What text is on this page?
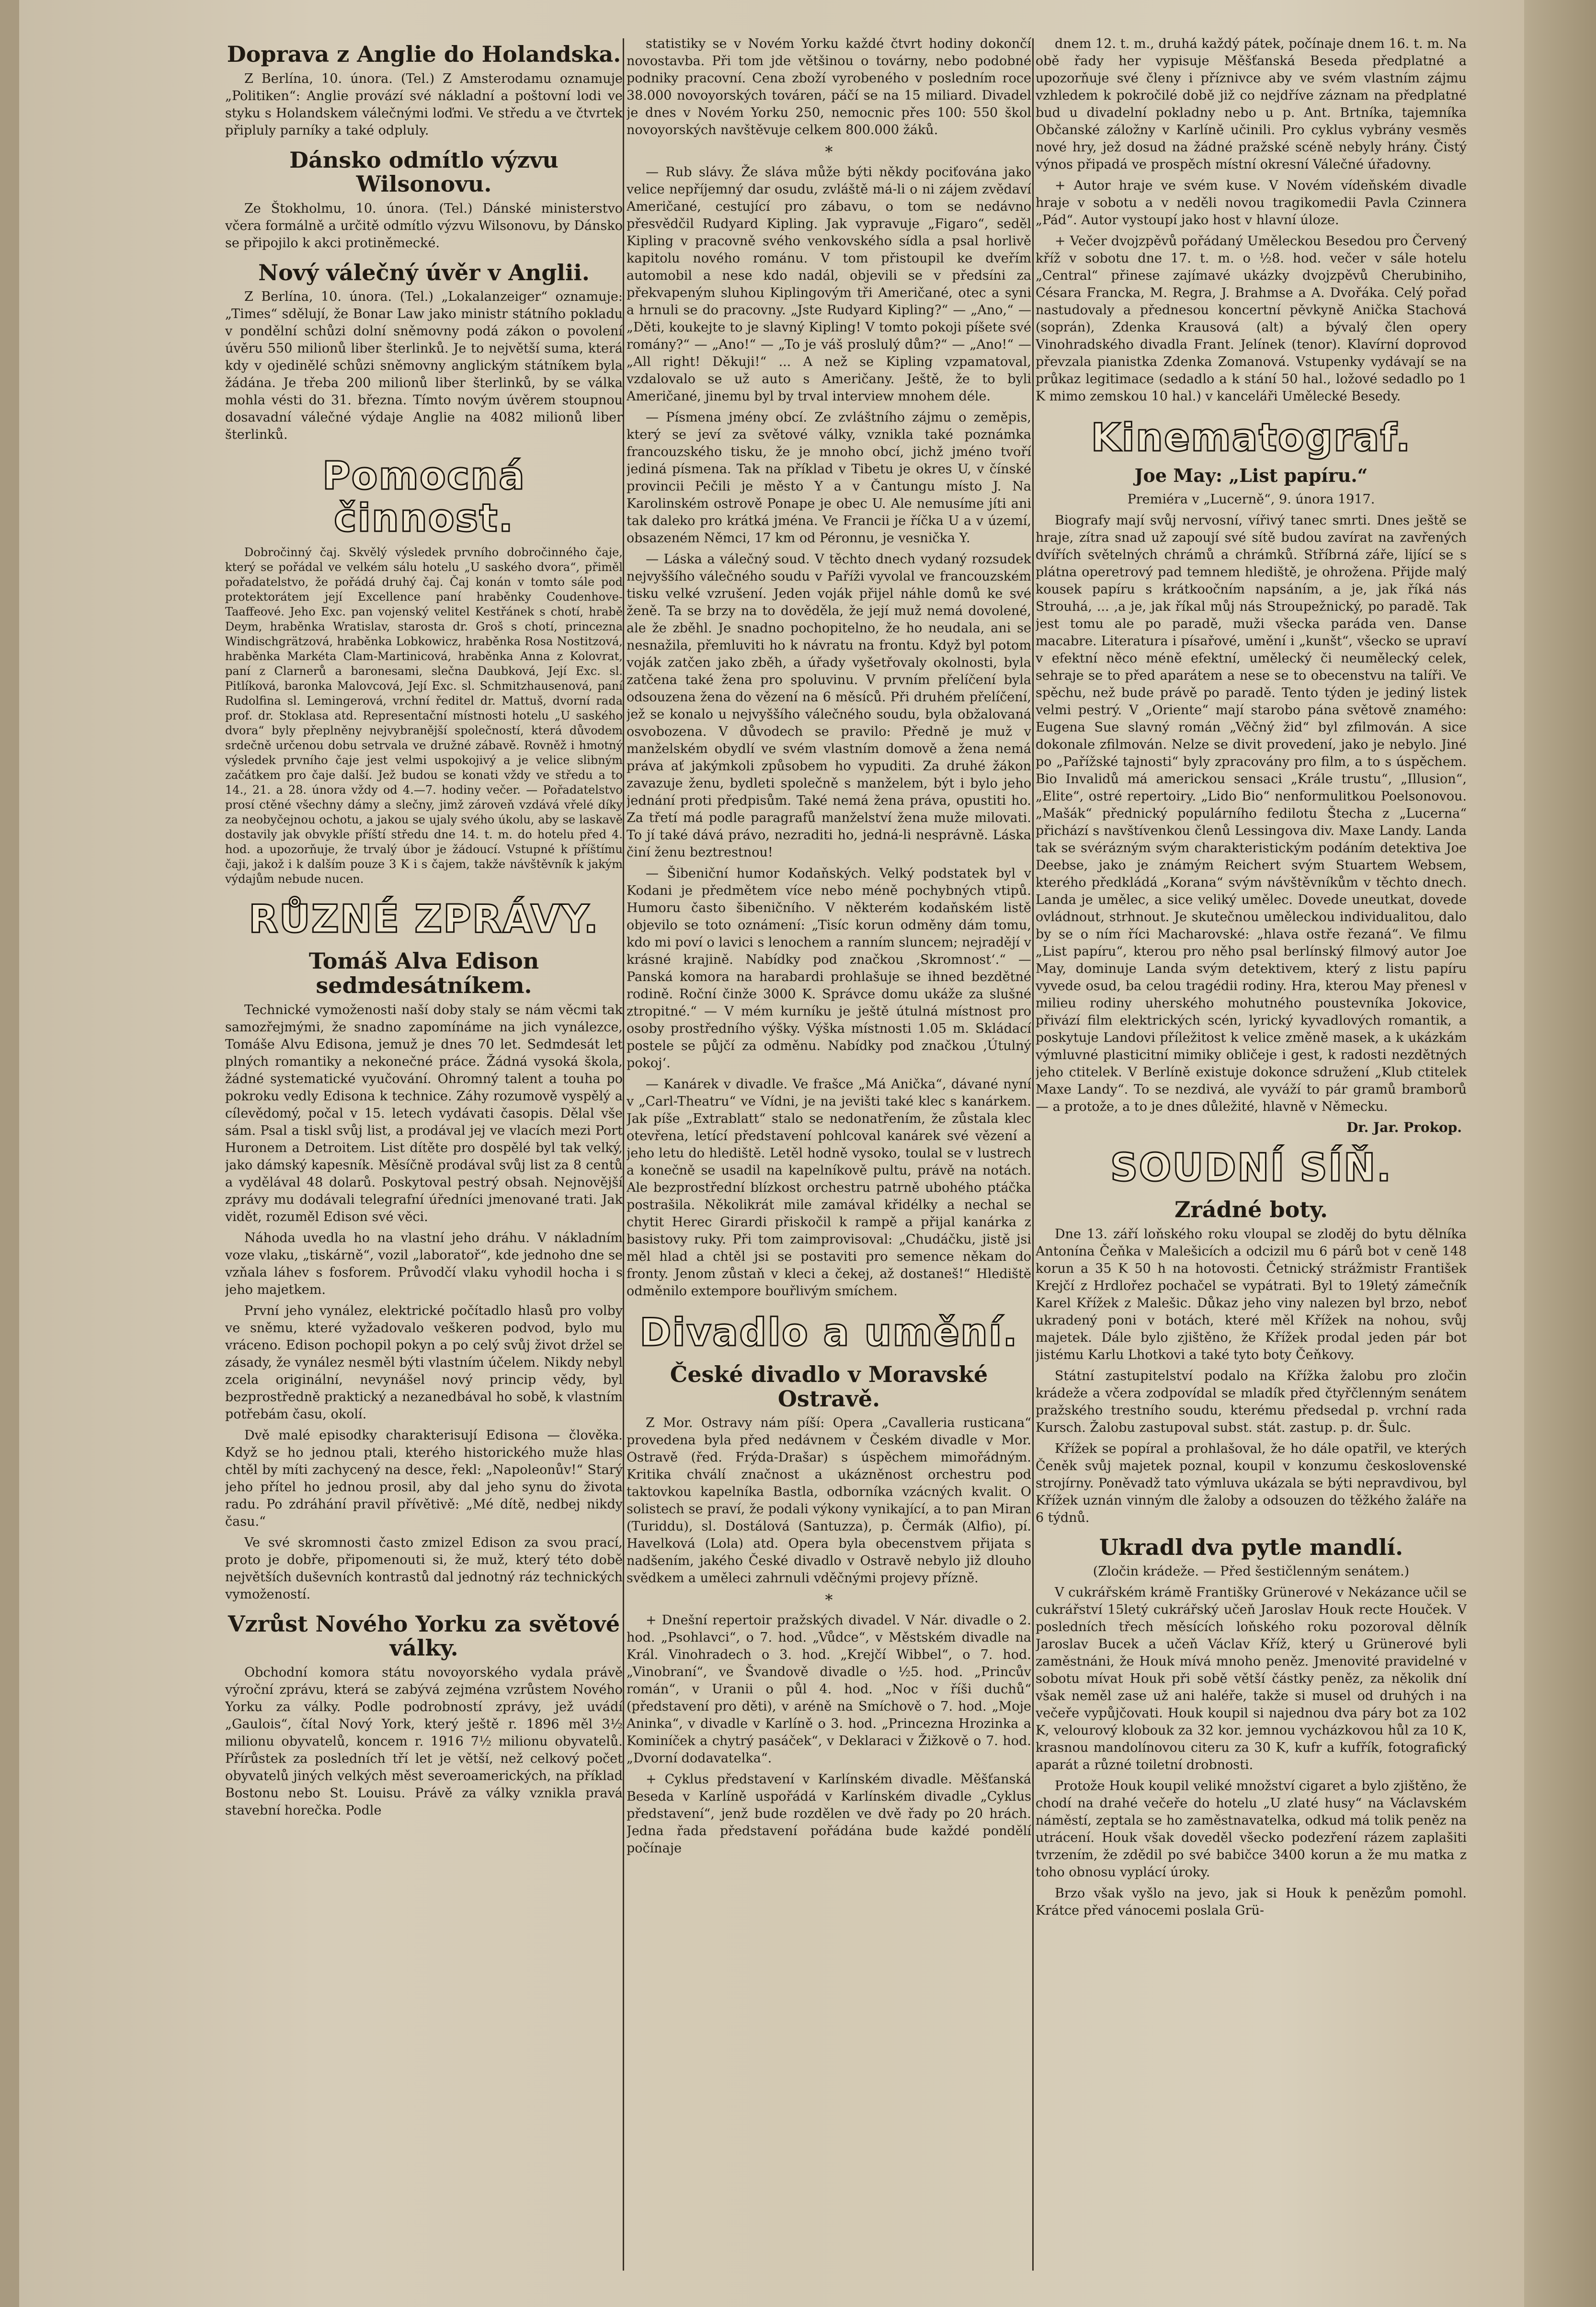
Doprava z Anglie do Holandska.

Z Berlína, 10. února. (Tel.) Z Amsterodamu oznamuje „Politiken“: Anglie provází své nákladní a poštovní lodi ve styku s Holandskem válečnými loďmi. Ve středu a ve čtvrtek připluly parníky a také odpluly.

Dánsko odmítlo výzvu Wilsonovu.

Ze Štokholmu, 10. února. (Tel.) Dánské ministerstvo včera formálně a určitě odmítlo výzvu Wilsonovu, by Dánsko se připojilo k akci protiněmecké.

Nový válečný úvěr v Anglii.

Z Berlína, 10. února. (Tel.) „Lokalanzeiger“ oznamuje: „Times“ sdělují, že Bonar Law jako ministr státního pokladu v pondělní schůzi dolní sněmovny podá zákon o povolení úvěru 550 milionů liber šterlinků. Je to největší suma, která kdy v ojedinělé schůzi sněmovny anglickým státníkem byla žádána. Je třeba 200 milionů liber šterlinků, by se válka mohla vésti do 31. března. Tímto novým úvěrem stoupnou dosavadní válečné výdaje Anglie na 4082 milionů liber šterlinků.

Pomocná činnost.

Dobročinný čaj. Skvělý výsledek prvního dobročinného čaje, který se pořádal ve velkém sálu hotelu „U saského dvora“, přiměl pořadatelstvo, že pořádá druhý čaj. Čaj konán v tomto sále pod protektorátem její Excellence paní hraběnky Coudenhove-Taaffeové. Jeho Exc. pan vojenský velitel Kestřánek s chotí, hrabě Deym, hraběnka Wratislav, starosta dr. Groš s chotí, princezna Windischgrätzová, hraběnka Lobkowicz, hraběnka Rosa Nostitzová, hraběnka Markéta Clam-Martinicová, hraběnka Anna z Kolovrat, paní z Clarnerů a baronesami, slečna Daubková, Její Exc. sl. Pitlíková, baronka Malovcová, Její Exc. sl. Schmitzhausenová, paní Rudolfina sl. Lemingerová, vrchní ředitel dr. Mattuš, dvorní rada prof. dr. Stoklasa atd. Representační místnosti hotelu „U saského dvora“ byly přeplněny nejvybranější společností, která důvodem srdečně určenou dobu setrvala ve družné zábavě. Rovněž i hmotný výsledek prvního čaje jest velmi uspokojivý a je velice slibným začátkem pro čaje další. Jež budou se konati vždy ve středu a to 14., 21. a 28. února vždy od 4.—7. hodiny večer. — Pořadatelstvo prosí ctěné všechny dámy a slečny, jimž zároveň vzdává vřelé díky za neobyčejnou ochotu, a jakou se ujaly svého úkolu, aby se laskavě dostavily jak obvykle příští středu dne 14. t. m. do hotelu před 4. hod. a upozorňuje, že trvalý úbor je žádoucí. Vstupné k příštímu čaji, jakož i k dalším pouze 3 K i s čajem, takže návštěvník k jakým výdajům nebude nucen.

RŮZNÉ ZPRÁVY.
Tomáš Alva Edison sedmdesátníkem.

Technické vymoženosti naší doby staly se nám věcmi tak samozřejmými, že snadno zapomínáme na jich vynálezce, Tomáše Alvu Edisona, jemuž je dnes 70 let. Sedmdesát let plných romantiky a nekonečné práce. Žádná vysoká škola, žádné systematické vyučování. Ohromný talent a touha po pokroku vedly Edisona k technice. Záhy rozumově vyspělý a cílevědomý, počal v 15. letech vydávati časopis. Dělal vše sám. Psal a tiskl svůj list, a prodával jej ve vlacích mezi Port Huronem a Detroitem. List dítěte pro dospělé byl tak velký, jako dámský kapesník. Měsíčně prodával svůj list za 8 centů a vydělával 48 dolarů. Poskytoval pestrý obsah. Nejnovější zprávy mu dodávali telegrafní úředníci jmenované trati. Jak vidět, rozuměl Edison své věci.

Náhoda uvedla ho na vlastní jeho dráhu. V nákladním voze vlaku, „tiskárně“, vozil „laboratoř“, kde jednoho dne se vzňala láhev s fosforem. Průvodčí vlaku vyhodil hocha i s jeho majetkem.

První jeho vynález, elektrické počítadlo hlasů pro volby ve sněmu, které vyžadovalo veškeren podvod, bylo mu vráceno. Edison pochopil pokyn a po celý svůj život držel se zásady, že vynález nesměl býti vlastním účelem. Nikdy nebyl zcela originální, nevynášel nový princip vědy, byl bezprostředně praktický a nezanedbával ho sobě, k vlastním potřebám času, okolí.

Dvě malé episodky charakterisují Edisona — člověka. Když se ho jednou ptali, kterého historického muže hlas chtěl by míti zachycený na desce, řekl: „Napoleonův!“ Starý jeho přítel ho jednou prosil, aby dal jeho synu do života radu. Po zdráhání pravil přívětivě: „Mé dítě, nedbej nikdy času.“

Ve své skromnosti často zmizel Edison za svou prací, proto je dobře, připomenouti si, že muž, který této době největších duševních kontrastů dal jednotný ráz technických vymožeností.

Vzrůst Nového Yorku za světové války.

Obchodní komora státu novoyorského vydala právě výroční zprávu, která se zabývá zejména vzrůstem Nového Yorku za války. Podle podrobností zprávy, jež uvádí „Gaulois“, čítal Nový York, který ještě r. 1896 měl 3½ milionu obyvatelů, koncem r. 1916 7½ milionu obyvatelů. Přírůstek za posledních tří let je větší, než celkový počet obyvatelů jiných velkých měst severoamerických, na příklad Bostonu nebo St. Louisu. Právě za války vznikla pravá stavební horečka. Podle

statistiky se v Novém Yorku každé čtvrt hodiny dokončí novostavba. Při tom jde většinou o továrny, nebo podobné podniky pracovní. Cena zboží vyrobeného v posledním roce 38.000 novoyorských továren, páčí se na 15 miliard. Divadel je dnes v Novém Yorku 250, nemocnic přes 100: 550 škol novoyorských navštěvuje celkem 800.000 žáků.

*

— Rub slávy. Že sláva může býti někdy pociťována jako velice nepříjemný dar osudu, zvláště má-li o ni zájem zvědaví Američané, cestující pro zábavu, o tom se nedávno přesvědčil Rudyard Kipling. Jak vypravuje „Figaro“, seděl Kipling v pracovně svého venkovského sídla a psal horlivě kapitolu nového románu. V tom přistoupil ke dveřím automobil a nese kdo nadál, objevili se v předsíni za překvapeným sluhou Kiplingovým tři Američané, otec a syni a hrnuli se do pracovny. „Jste Rudyard Kipling?“ — „Ano,“ — „Děti, koukejte to je slavný Kipling! V tomto pokoji píšete své romány?“ — „Ano!“ — „To je váš proslulý dům?“ — „Ano!“ — „All right! Děkuji!“ ... A než se Kipling vzpamatoval, vzdalovalo se už auto s Američany. Ještě, že to byli Američané, jinemu byl by trval interview mnohem déle.

— Písmena jmény obcí. Ze zvláštního zájmu o zeměpis, který se jeví za světové války, vznikla také poznámka francouzského tisku, že je mnoho obcí, jichž jméno tvoří jediná písmena. Tak na příklad v Tibetu je okres U, v čínské provincii Pečili je město Y a v Čantungu místo J. Na Karolinském ostrově Ponape je obec U. Ale nemusíme jíti ani tak daleko pro krátká jména. Ve Francii je říčka U a v území, obsazeném Němci, 17 km od Péronnu, je vesnička Y.

— Láska a válečný soud. V těchto dnech vydaný rozsudek nejvyššího válečného soudu v Paříži vyvolal ve francouzském tisku velké vzrušení. Jeden voják přijel náhle domů ke své ženě. Ta se brzy na to dověděla, že její muž nemá dovolené, ale že zběhl. Je snadno pochopitelno, že ho neudala, ani se nesnažila, přemluviti ho k návratu na frontu. Když byl potom voják zatčen jako zběh, a úřady vyšetřovaly okolnosti, byla zatčena také žena pro spoluvinu. V prvním přelíčení byla odsouzena žena do vězení na 6 měsíců. Při druhém přelíčení, jež se konalo u nejvyššího válečného soudu, byla obžalovaná osvobozena. V důvodech se pravilo: Předně je muž v manželském obydlí ve svém vlastním domově a žena nemá práva ať jakýmkoli způsobem ho vypuditi. Za druhé žákon zavazuje ženu, bydleti společně s manželem, být i bylo jeho jednání proti předpisům. Také nemá žena práva, opustiti ho. Za třetí má podle paragrafů manželství žena muže milovati. To jí také dává právo, nezraditi ho, jedná-li nesprávně. Láska činí ženu beztrestnou!

— Šibeniční humor Kodaňských. Velký podstatek byl v Kodani je předmětem více nebo méně pochybných vtipů. Humoru často šibeničního. V některém kodaňském listě objevilo se toto oznámení: „Tisíc korun odměny dám tomu, kdo mi poví o lavici s lenochem a ranním sluncem; nejradějí v krásné krajině. Nabídky pod značkou ‚Skromnost‘.“ — Panská komora na harabardi prohlašuje se ihned bezdětné rodině. Roční činže 3000 K. Správce domu ukáže za slušné ztropitné.“ — V mém kurníku je ještě útulná místnost pro osoby prostředního výšky. Výška místnosti 1.05 m. Skládací postele se půjčí za odměnu. Nabídky pod značkou ‚Útulný pokoj‘.

— Kanárek v divadle. Ve frašce „Má Anička“, dávané nyní v „Carl-Theatru“ ve Vídni, je na jevišti také klec s kanárkem. Jak píše „Extrablatt“ stalo se nedonatřením, že zůstala klec otevřena, letící představení pohlcoval kanárek své vězení a jeho letu do hlediště. Letěl hodně vysoko, toulal se v lustrech a konečně se usadil na kapelníkově pultu, právě na notách. Ale bezprostřední blízkost orchestru patrně ubohého ptáčka postrašila. Několikrát mile zamával křidélky a nechal se chytit Herec Girardi přiskočil k rampě a přijal kanárka z basistovy ruky. Při tom zaimprovisoval: „Chudáčku, jistě jsi měl hlad a chtěl jsi se postaviti pro semence někam do fronty. Jenom zůstaň v kleci a čekej, až dostaneš!“ Hlediště odměnilo extempore bouřlivým smíchem.

Divadlo a umění.
České divadlo v Moravské Ostravě.

Z Mor. Ostravy nám píší: Opera „Cavalleria rusticana“ provedena byla před nedávnem v Českém divadle v Mor. Ostravě (řed. Frýda-Drašar) s úspěchem mimořádným. Kritika chválí značnost a ukázněnost orchestru pod taktovkou kapelníka Bastla, odborníka vzácných kvalit. O solistech se praví, že podali výkony vynikající, a to pan Miran (Turiddu), sl. Dostálová (Santuzza), p. Čermák (Alfio), pí. Havelková (Lola) atd. Opera byla obecenstvem přijata s nadšením, jakého České divadlo v Ostravě nebylo již dlouho svědkem a uměleci zahrnuli vděčnými projevy přízně.

*

+ Dnešní repertoir pražských divadel. V Nár. divadle o 2. hod. „Psohlavci“, o 7. hod. „Vůdce“, v Městském divadle na Král. Vinohradech o 3. hod. „Krejčí Wibbel“, o 7. hod. „Vinobraní“, ve Švandově divadle o ½5. hod. „Princův román“, v Uranii o půl 4. hod. „Noc v říši duchů“ (představení pro děti), v aréně na Smíchově o 7. hod. „Moje Aninka“, v divadle v Karlíně o 3. hod. „Princezna Hrozinka a Kominíček a chytrý pasáček“, v Deklaraci v Žižkově o 7. hod. „Dvorní dodavatelka“.

+ Cyklus představení v Karlínském divadle. Měšťanská Beseda v Karlíně uspořádá v Karlínském divadle „Cyklus představení“, jenž bude rozdělen ve dvě řady po 20 hrách. Jedna řada představení pořádána bude každé pondělí počínaje

dnem 12. t. m., druhá každý pátek, počínaje dnem 16. t. m. Na obě řady her vypisuje Měšťanská Beseda předplatné a upozorňuje své členy i příznivce aby ve svém vlastním zájmu vzhledem k pokročilé době již co nejdříve záznam na předplatné bud u divadelní pokladny nebo u p. Ant. Brtníka, tajemníka Občanské záložny v Karlíně učinili. Pro cyklus vybrány vesměs nové hry, jež dosud na žádné pražské scéně nebyly hrány. Čistý výnos připadá ve prospěch místní okresní Válečné úřadovny.

+ Autor hraje ve svém kuse. V Novém vídeňském divadle hraje v sobotu a v neděli novou tragikomedii Pavla Czinnera „Pád“. Autor vystoupí jako host v hlavní úloze.

+ Večer dvojzpěvů pořádaný Uměleckou Besedou pro Červený kříž v sobotu dne 17. t. m. o ½8. hod. večer v sále hotelu „Central“ přinese zajímavé ukázky dvojzpěvů Cherubiniho, Césara Francka, M. Regra, J. Brahmse a A. Dvořáka. Celý pořad nastudovaly a přednesou koncertní pěvkyně Anička Stachová (soprán), Zdenka Krausová (alt) a bývalý člen opery Vinohradského divadla Frant. Jelínek (tenor). Klavírní doprovod převzala pianistka Zdenka Zomanová. Vstupenky vydávají se na průkaz legitimace (sedadlo a k stání 50 hal., ložové sedadlo po 1 K mimo zemskou 10 hal.) v kanceláři Umělecké Besedy.

Kinematograf.
Joe May: „List papíru.“

Premiéra v „Lucerně“, 9. února 1917.

Biografy mají svůj nervosní, vířivý tanec smrti. Dnes ještě se hraje, zítra snad už zapoují své sítě budou zavírat na zavřených dvířích světelných chrámů a chrámků. Stříbrná záře, lijící se s plátna operetrový pad temnem hlediště, je ohrožena. Přijde malý kousek papíru s krátkoočním napsáním, a je, jak říká nás Strouhá, ... ,a je, jak říkal můj nás Stroupežnický, po paradě. Tak jest tomu ale po paradě, muži všecka paráda ven. Danse macabre. Literatura i písařové, umění i „kunšt“, všecko se upraví v efektní něco méně efektní, umělecký či neumělecký celek, sehraje se to před aparátem a nese se to obecenstvu na talíři. Ve spěchu, než bude právě po paradě. Tento týden je jediný listek velmi pestrý. V „Oriente“ mají starobo pána světově znamého: Eugena Sue slavný román „Věčný žid“ byl zfilmován. A sice dokonale zfilmován. Nelze se divit provedení, jako je nebylo. Jiné po „Pařížské tajnosti“ byly zpracovány pro film, a to s úspěchem. Bio Invalidů má americkou sensaci „Krále trustu“, „Illusion“, „Elite“, ostré repertoiry. „Lido Bio“ nenformulitkou Poelsonovou. „Mašák“ přednický populárního fedilotu Štecha z „Lucerna“ přichází s navštívenkou členů Lessingova div. Maxe Landy. Landa tak se svérázným svým charakteristickým podáním detektiva Joe Deebse, jako je známým Reichert svým Stuartem Websem, kterého předkládá „Korana“ svým návštěvníkům v těchto dnech. Landa je umělec, a sice veliký umělec. Dovede uneutkat, dovede ovládnout, strhnout. Je skutečnou uměleckou individualitou, dalo by se o ním říci Macharovské: „hlava ostře řezaná“. Ve filmu „List papíru“, kterou pro něho psal berlínský filmový autor Joe May, dominuje Landa svým detektivem, který z listu papíru vyvede osud, ba celou tragédii rodiny. Hra, kterou May přenesl v milieu rodiny uherského mohutného poustevníka Jokovice, přivází film elektrických scén, lyrický kyvadlových romantik, a poskytuje Landovi příležitost k velice změně masek, a k ukázkám výmluvné plasticitní mimiky obličeje i gest, k radosti nezdětných jeho ctitelek. V Berlíně existuje dokonce sdružení „Klub ctitelek Maxe Landy“. To se nezdivá, ale vyváží to pár gramů bramborů — a protože, a to je dnes důležité, hlavně v Německu.

Dr. Jar. Prokop.
SOUDNÍ SÍŇ.
Zrádné boty.

Dne 13. září loňského roku vloupal se zloděj do bytu dělníka Antonína Čeňka v Malešicích a odcizil mu 6 párů bot v ceně 148 korun a 35 K 50 h na hotovosti. Četnický strážmistr František Krejčí z Hrdlořez pochačel se vypátrati. Byl to 19letý zámečník Karel Křížek z Malešic. Důkaz jeho viny nalezen byl brzo, neboť ukradený poni v botách, které měl Křížek na nohou, svůj majetek. Dále bylo zjištěno, že Křížek prodal jeden pár bot jistému Karlu Lhotkovi a také tyto boty Čeňkovy.

Státní zastupitelství podalo na Křížka žalobu pro zločin krádeže a včera zodpovídal se mladík před čtyřčlenným senátem pražského trestního soudu, kterému předsedal p. vrchní rada Kursch. Žalobu zastupoval subst. stát. zastup. p. dr. Šulc.

Křížek se popíral a prohlašoval, že ho dále opatřil, ve kterých Čeněk svůj majetek poznal, koupil v konzumu československé strojírny. Poněvadž tato výmluva ukázala se býti nepravdivou, byl Křížek uznán vinným dle žaloby a odsouzen do těžkého žaláře na 6 týdnů.

Ukradl dva pytle mandlí.

(Zločin krádeže. — Před šestičlenným senátem.)

V cukrářském krámě Františky Grünerové v Nekázance učil se cukrářství 15letý cukrářský učeň Jaroslav Houk recte Houček. V posledních třech měsících loňského roku pozoroval dělník Jaroslav Bucek a učeň Václav Kříž, který u Grünerové byli zaměstnáni, že Houk mívá mnoho peněz. Jmenovité pravidelné v sobotu mívat Houk při sobě větší částky peněz, za několik dní však neměl zase už ani haléře, takže si musel od druhých i na večeře vypůjčovati. Houk koupil si najednou dva páry bot za 102 K, velourový klobouk za 32 kor. jemnou vycházkovou hůl za 10 K, krasnou mandolínovou citeru za 30 K, kufr a kufřík, fotografický aparát a různé toiletní drobnosti.

Protože Houk koupil veliké množství cigaret a bylo zjištěno, že chodí na drahé večeře do hotelu „U zlaté husy“ na Václavském náměstí, zeptala se ho zaměstnavatelka, odkud má tolik peněz na utrácení. Houk však doveděl všecko podezření rázem zaplašiti tvrzením, že zdědil po své babičce 3400 korun a že mu matka z toho obnosu vyplácí úroky.

Brzo však vyšlo na jevo, jak si Houk k penězům pomohl. Krátce před vánocemi poslala Grü-
